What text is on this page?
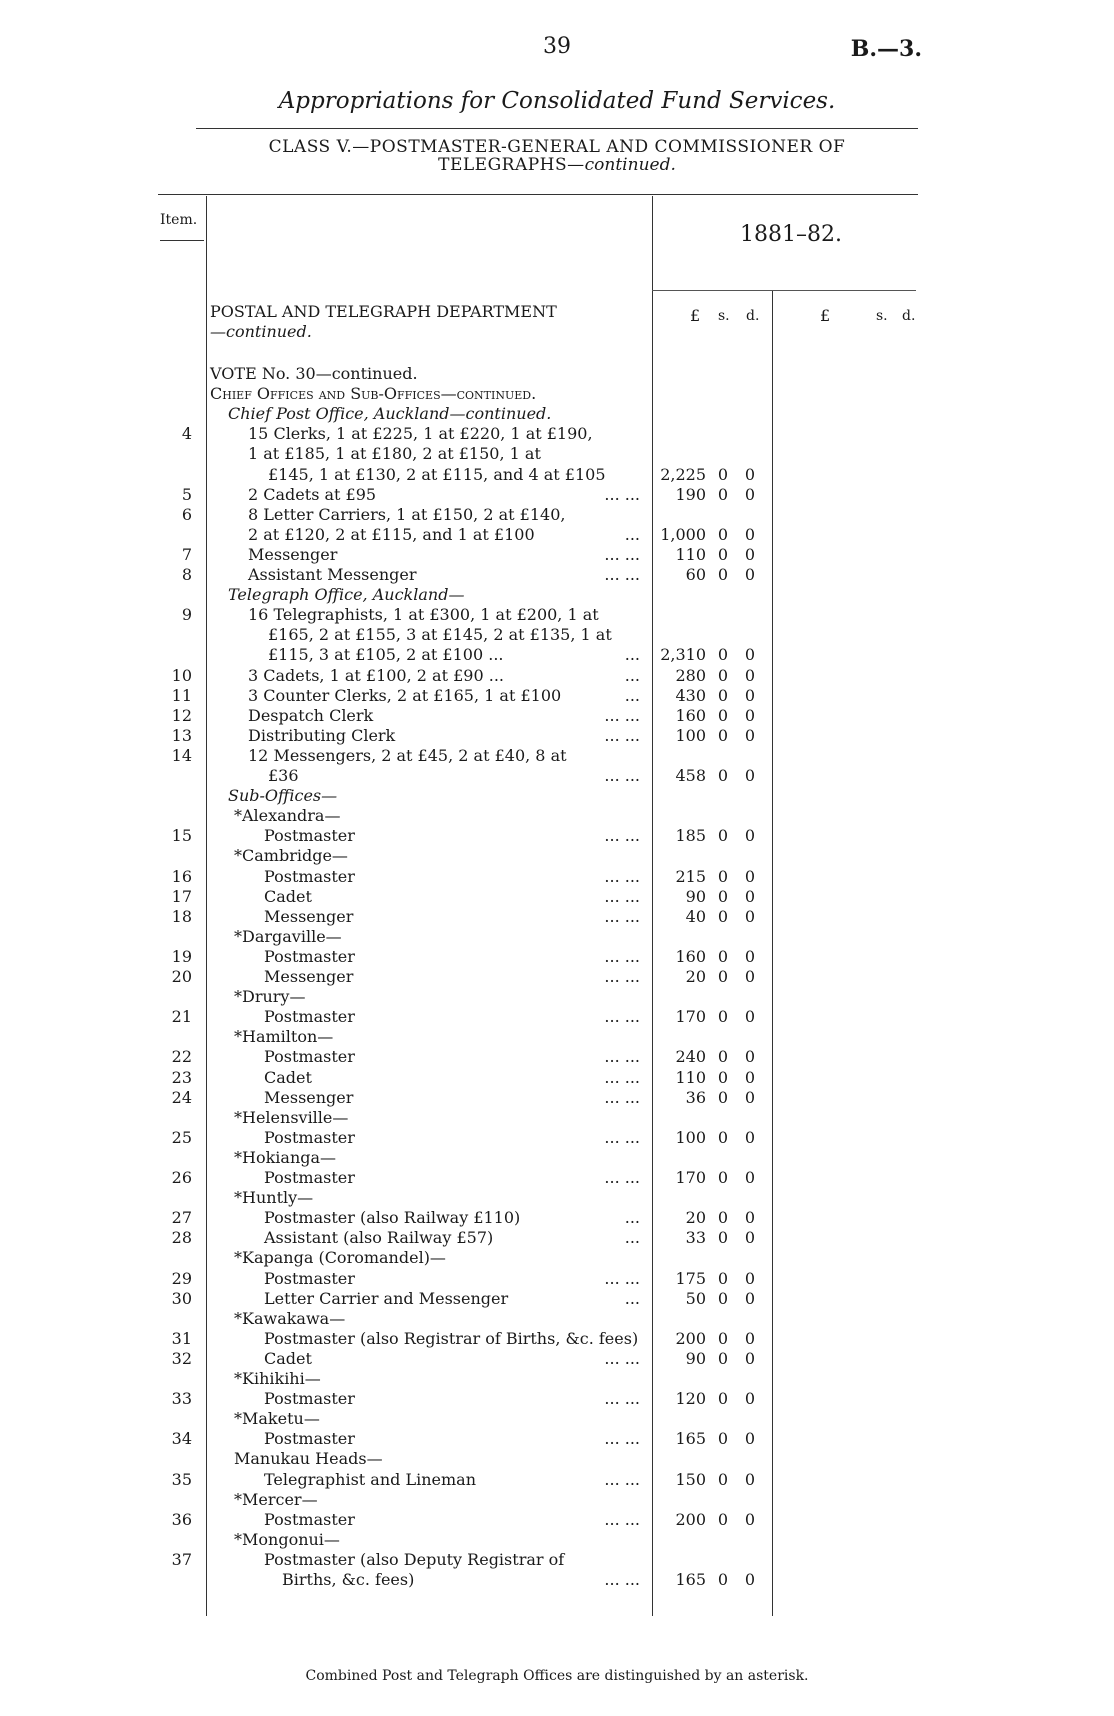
39	B.—3.
Appropriations for Consolidated Fund Services.
CLASS V.—POSTMASTER-GENERAL AND COMMISSIONER OF
TELEGRAPHS—continued.
Item.
1881–82.
£ s. d.	£	s. d.
POSTAL AND TELEGRAPH DEPARTMENT
—continued.
VOTE No. 30—continued.
Chief Offices and Sub-Offices—continued.
Chief Post Office, Auckland—continued.
4	15 Clerks, 1 at £225, 1 at £220, 1 at £190,
1 at £185, 1 at £180, 2 at £150, 1 at
£145, 1 at £130, 2 at £115, and 4 at £105	2,225 0 0
5	2 Cadets at £95	... ...	190 0 0
6	8 Letter Carriers, 1 at £150, 2 at £140,
2 at £120, 2 at £115, and 1 at £100	...	1,000 0 0
7	Messenger	... ...	110 0 0
8	Assistant Messenger	... ...	60 0 0
Telegraph Office, Auckland—
9	16 Telegraphists, 1 at £300, 1 at £200, 1 at
£165, 2 at £155, 3 at £145, 2 at £135, 1 at
£115, 3 at £105, 2 at £100 ...	...	2,310 0 0
10	3 Cadets, 1 at £100, 2 at £90 ...	...	280 0 0
11	3 Counter Clerks, 2 at £165, 1 at £100	...	430 0 0
12	Despatch Clerk	... ...	160 0 0
13	Distributing Clerk	... ...	100 0 0
14	12 Messengers, 2 at £45, 2 at £40, 8 at
£36	... ...	458 0 0
Sub-Offices—
*Alexandra—
15	Postmaster	... ...	185 0 0
*Cambridge—
16	Postmaster	... ...	215 0 0
17	Cadet	... ...	90 0 0
18	Messenger	... ...	40 0 0
*Dargaville—
19	Postmaster	... ...	160 0 0
20	Messenger	... ...	20 0 0
*Drury—
21	Postmaster	... ...	170 0 0
*Hamilton—
22	Postmaster	... ...	240 0 0
23	Cadet	... ...	110 0 0
24	Messenger	... ...	36 0 0
*Helensville—
25	Postmaster	... ...	100 0 0
*Hokianga—
26	Postmaster	... ...	170 0 0
*Huntly—
27	Postmaster (also Railway £110)	...	20 0 0
28	Assistant (also Railway £57)	...	33 0 0
*Kapanga (Coromandel)—
29	Postmaster	... ...	175 0 0
30	Letter Carrier and Messenger	...	50 0 0
*Kawakawa—
31	Postmaster (also Registrar of Births, &c. fees)	200 0 0
32	Cadet	... ...	90 0 0
*Kihikihi—
33	Postmaster	... ...	120 0 0
*Maketu—
34	Postmaster	... ...	165 0 0
Manukau Heads—
35	Telegraphist and Lineman	... ...	150 0 0
*Mercer—
36	Postmaster	... ...	200 0 0
*Mongonui—
37	Postmaster (also Deputy Registrar of
Births, &c. fees)	... ...	165 0 0
Combined Post and Telegraph Offices are distinguished by an asterisk.
